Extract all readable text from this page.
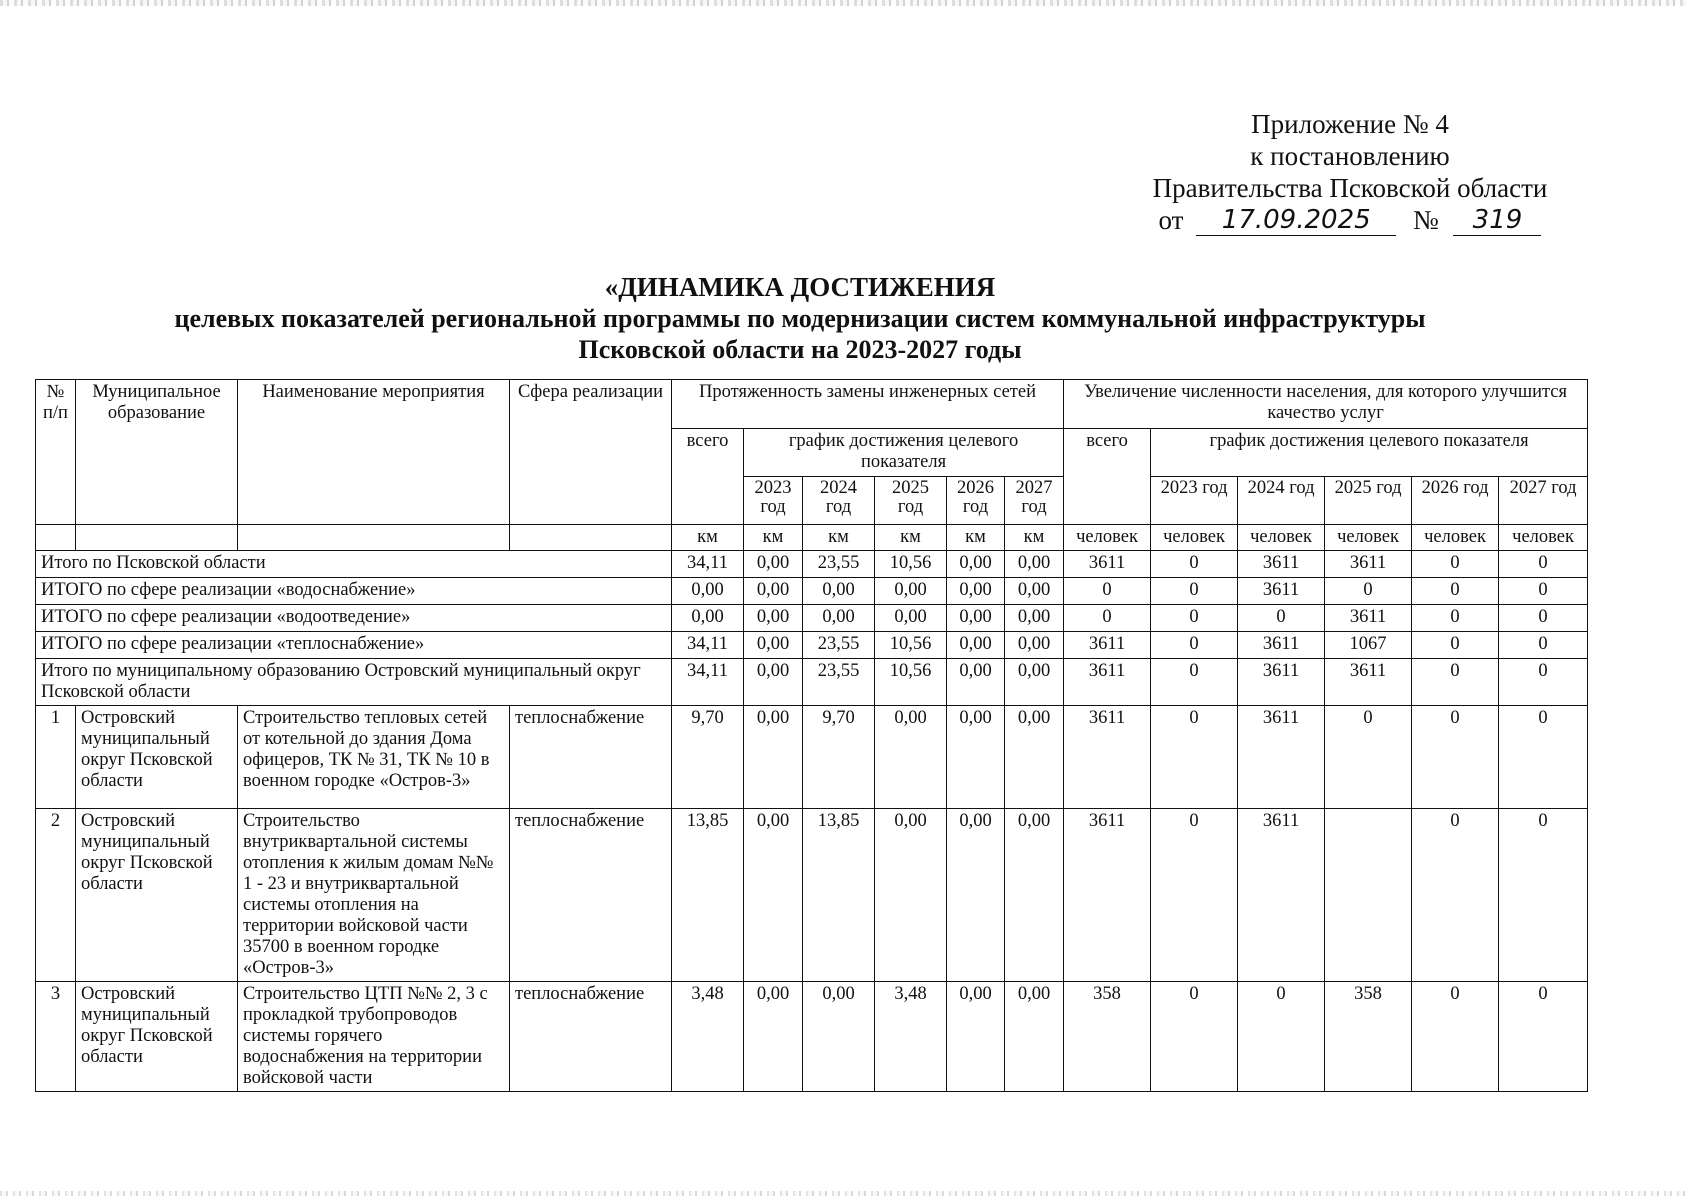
Приложение № 4
к постановлению
Правительства Псковской области
от 17.09.2025 № 319
«ДИНАМИКА ДОСТИЖЕНИЯ
целевых показателей региональной программы по модернизации систем коммунальной инфраструктуры
Псковской области на 2023-2027 годы
№ п/п	Муниципальное образование	Наименование мероприятия	Сфера реализации	Протяженность замены инженерных сетей						Увеличение численности населения, для которого улучшится качество услуг					
				всего	график достижения целевого показателя					всего	график достижения целевого показателя				
					2023 год	2024 год	2025 год	2026 год	2027 год		2023 год	2024 год	2025 год	2026 год	2027 год
				км	км	км	км	км	км	человек	человек	человек	человек	человек	человек
Итого по Псковской области				34,11	0,00	23,55	10,56	0,00	0,00	3611	0	3611	3611	0	0
ИТОГО по сфере реализации «водоснабжение»				0,00	0,00	0,00	0,00	0,00	0,00	0	0	3611	0	0	0
ИТОГО по сфере реализации «водоотведение»				0,00	0,00	0,00	0,00	0,00	0,00	0	0	0	3611	0	0
ИТОГО по сфере реализации «теплоснабжение»				34,11	0,00	23,55	10,56	0,00	0,00	3611	0	3611	1067	0	0
Итого по муниципальному образованию Островский муниципальный округ Псковской области				34,11	0,00	23,55	10,56	0,00	0,00	3611	0	3611	3611	0	0
1	Островский муниципальный округ Псковской области	Строительство тепловых сетей от котельной до здания Дома офицеров, ТК № 31, ТК № 10 в военном городке «Остров-3»	теплоснабжение	9,70	0,00	9,70	0,00	0,00	0,00	3611	0	3611	0	0	0
2	Островский муниципальный округ Псковской области	Строительство внутриквартальной системы отопления к жилым домам №№ 1 - 23 и внутриквартальной системы отопления на территории войсковой части 35700 в военном городке «Остров-3»	теплоснабжение	13,85	0,00	13,85	0,00	0,00	0,00	3611	0	3611		0	0
3	Островский муниципальный округ Псковской области	Строительство ЦТП №№ 2, 3 с прокладкой трубопроводов системы горячего водоснабжения на территории войсковой части	теплоснабжение	3,48	0,00	0,00	3,48	0,00	0,00	358	0	0	358	0	0
